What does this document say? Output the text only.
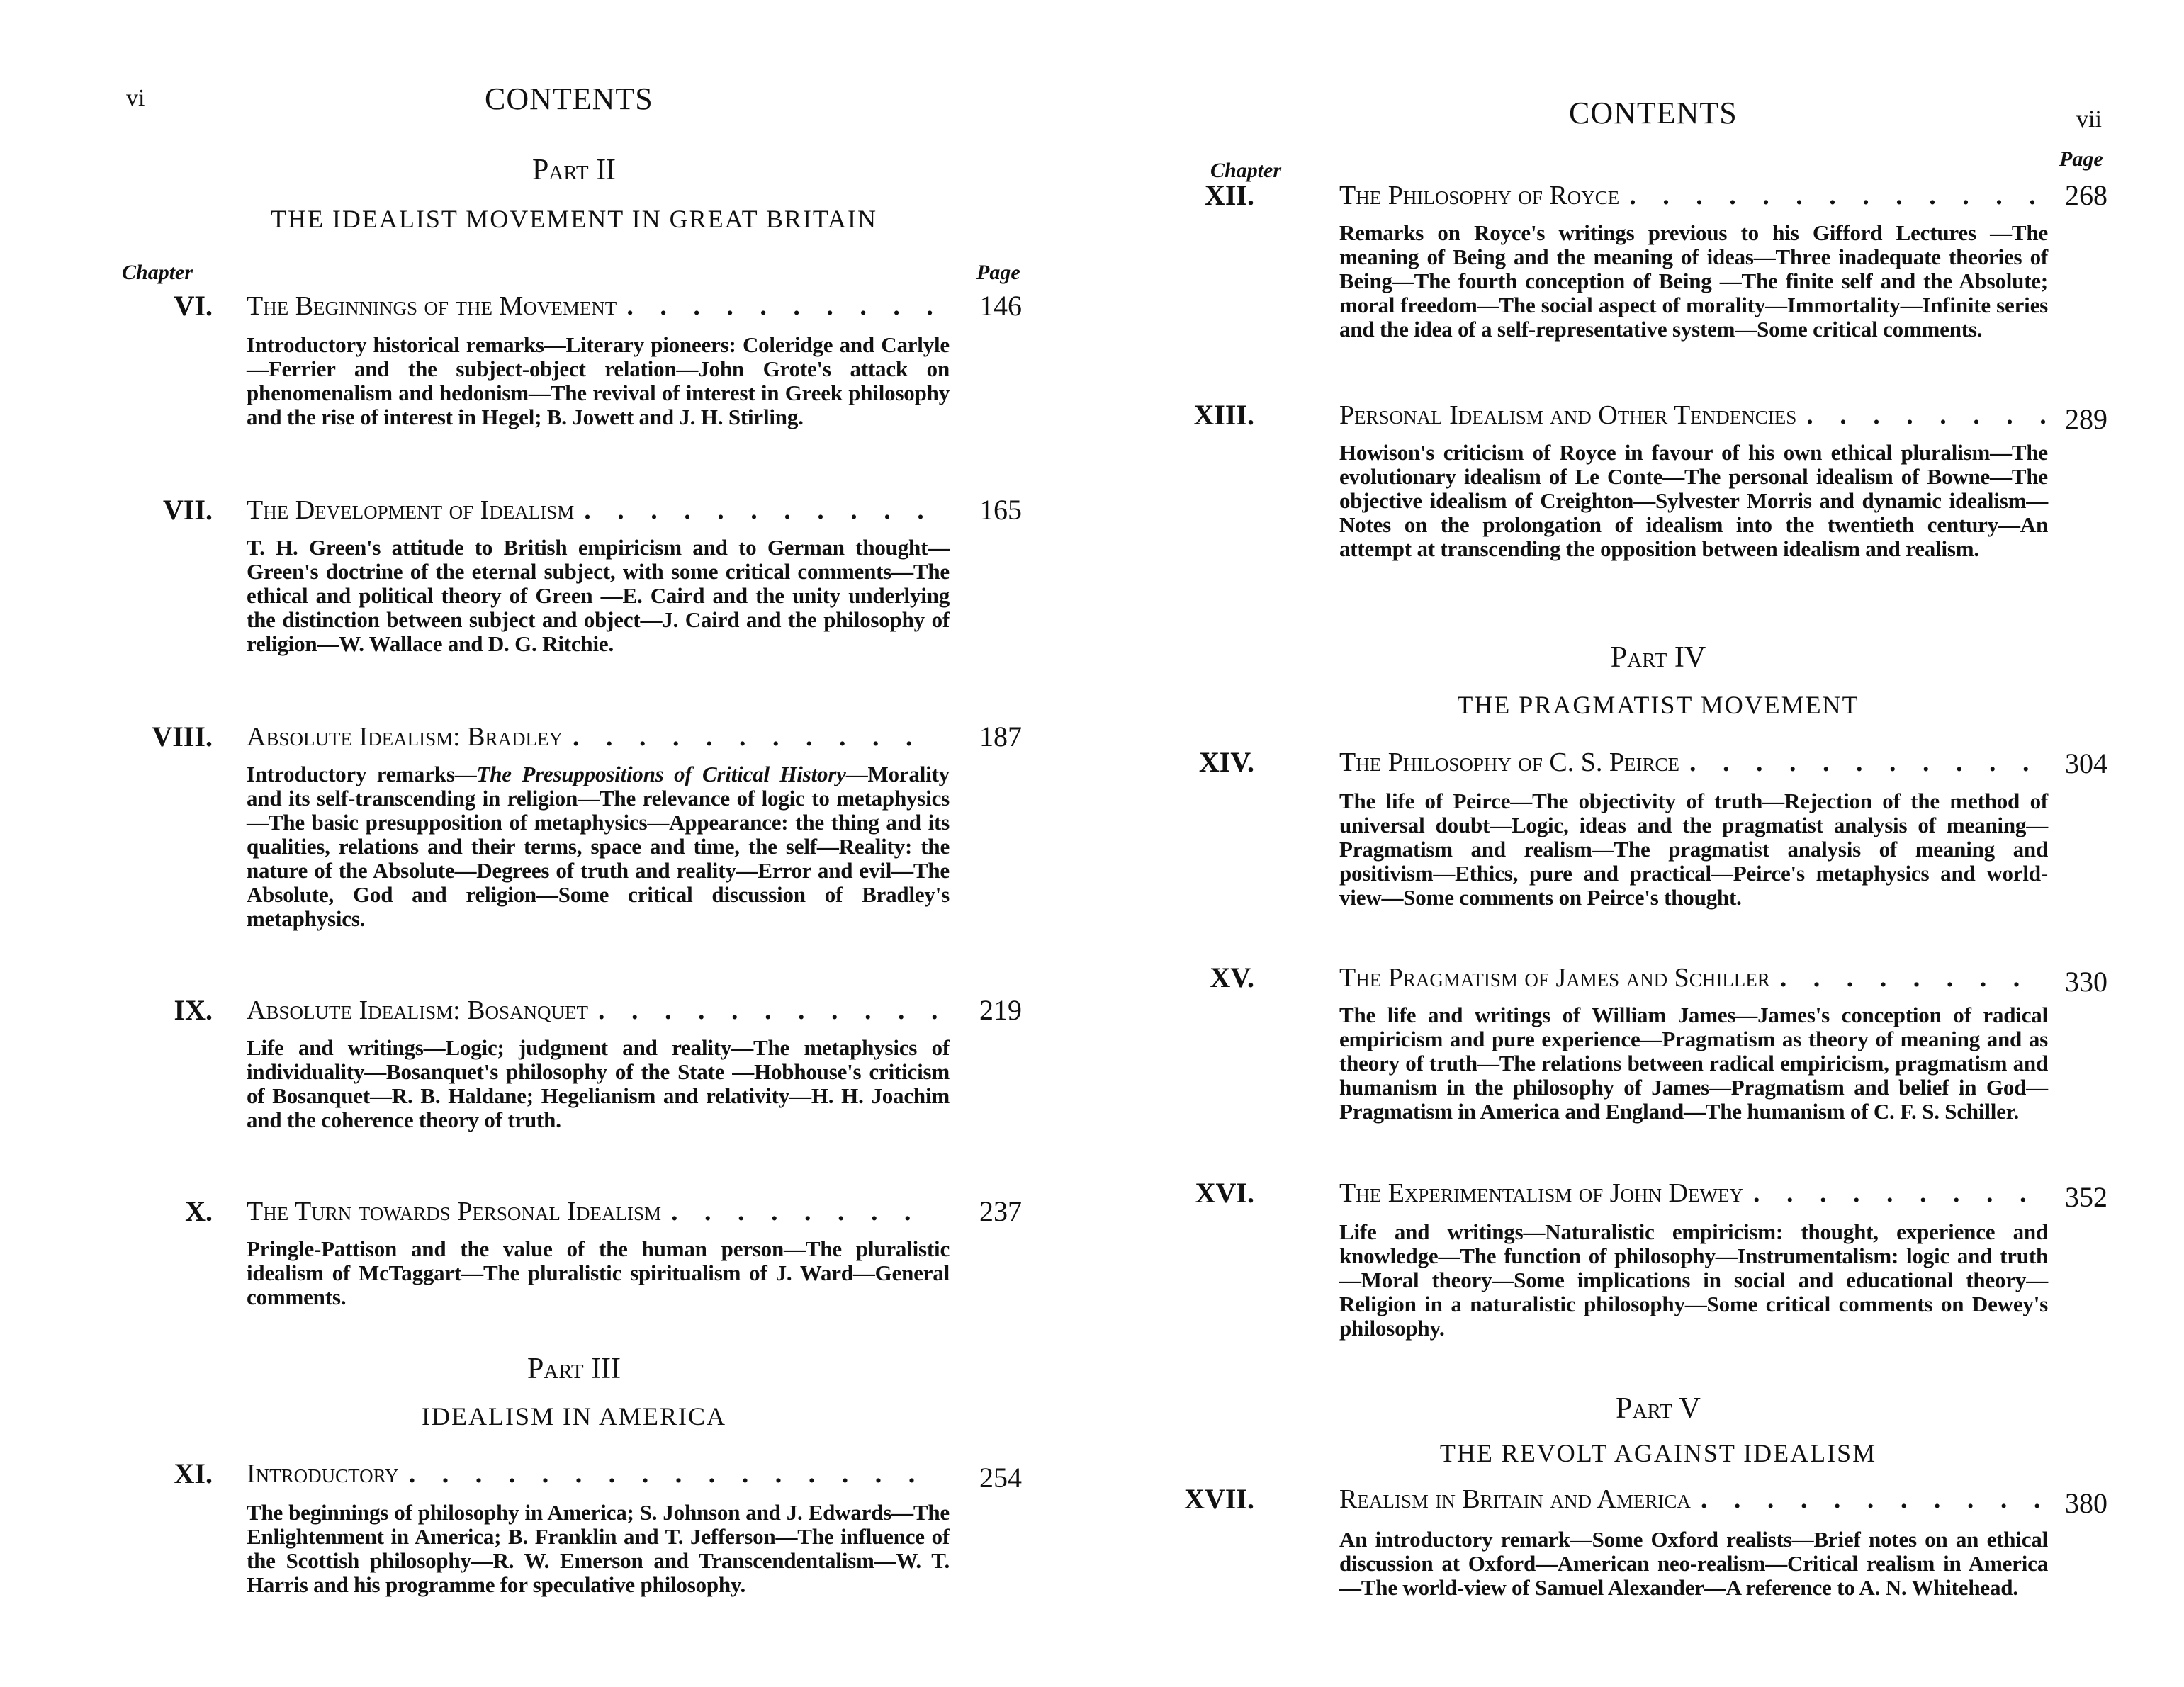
vi	CONTENTS
Part II
THE IDEALIST MOVEMENT IN GREAT BRITAIN
Chapter	Page
VI. The Beginnings of the Movement . . .	146
Introductory historical remarks—Literary pioneers: Coleridge and Carlyle—Ferrier and the subject-object relation—John Grote's attack on phenomenalism and hedonism—The revival of interest in Greek philosophy and the rise of interest in Hegel; B. Jowett and J. H. Stirling.
VII. The Development of Idealism . . .	165
T. H. Green's attitude to British empiricism and to German thought—Green's doctrine of the eternal subject, with some critical comments—The ethical and political theory of Green —E. Caird and the unity underlying the distinction between subject and object—J. Caird and the philosophy of religion—W. Wallace and D. G. Ritchie.
VIII. Absolute Idealism: Bradley . . .	187
Introductory remarks—The Presuppositions of Critical History—Morality and its self-transcending in religion—The relevance of logic to metaphysics—The basic presupposition of metaphysics—Appearance: the thing and its qualities, relations and their terms, space and time, the self—Reality: the nature of the Absolute—Degrees of truth and reality—Error and evil—The Absolute, God and religion—Some critical discussion of Bradley's metaphysics.
IX. Absolute Idealism: Bosanquet . . .	219
Life and writings—Logic; judgment and reality—The metaphysics of individuality—Bosanquet's philosophy of the State —Hobhouse's criticism of Bosanquet—R. B. Haldane; Hegelianism and relativity—H. H. Joachim and the coherence theory of truth.
X. The Turn towards Personal Idealism . . .	237
Pringle-Pattison and the value of the human person—The pluralistic idealism of McTaggart—The pluralistic spiritualism of J. Ward—General comments.
Part III
IDEALISM IN AMERICA
XI. Introductory . . .	254
The beginnings of philosophy in America; S. Johnson and J. Edwards—The Enlightenment in America; B. Franklin and T. Jefferson—The influence of the Scottish philosophy—R. W. Emerson and Transcendentalism—W. T. Harris and his programme for speculative philosophy.
CONTENTS	vii
Chapter	Page
XII.	The Philosophy of Royce . . .	268
Remarks on Royce's writings previous to his Gifford Lectures —The meaning of Being and the meaning of ideas—Three inadequate theories of Being—The fourth conception of Being —The finite self and the Absolute; moral freedom—The social aspect of morality—Immortality—Infinite series and the idea of a self-representative system—Some critical comments.
XIII.	Personal Idealism and Other Tendencies . . .	289
Howison's criticism of Royce in favour of his own ethical pluralism—The evolutionary idealism of Le Conte—The personal idealism of Bowne—The objective idealism of Creighton—Sylvester Morris and dynamic idealism—Notes on the prolongation of idealism into the twentieth century—An attempt at transcending the opposition between idealism and realism.
Part IV
THE PRAGMATIST MOVEMENT
XIV.	The Philosophy of C. S. Peirce . . .	304
The life of Peirce—The objectivity of truth—Rejection of the method of universal doubt—Logic, ideas and the pragmatist analysis of meaning—Pragmatism and realism—The pragmatist analysis of meaning and positivism—Ethics, pure and practical—Peirce's metaphysics and world-view—Some comments on Peirce's thought.
XV.	The Pragmatism of James and Schiller . . .	330
The life and writings of William James—James's conception of radical empiricism and pure experience—Pragmatism as theory of meaning and as theory of truth—The relations between radical empiricism, pragmatism and humanism in the philosophy of James—Pragmatism and belief in God—Pragmatism in America and England—The humanism of C. F. S. Schiller.
XVI.	The Experimentalism of John Dewey . . .	352
Life and writings—Naturalistic empiricism: thought, experience and knowledge—The function of philosophy—Instrumentalism: logic and truth—Moral theory—Some implications in social and educational theory—Religion in a naturalistic philosophy—Some critical comments on Dewey's philosophy.
Part V
THE REVOLT AGAINST IDEALISM
XVII.	Realism in Britain and America . . .	380
An introductory remark—Some Oxford realists—Brief notes on an ethical discussion at Oxford—American neo-realism—Critical realism in America—The world-view of Samuel Alexander—A reference to A. N. Whitehead.
